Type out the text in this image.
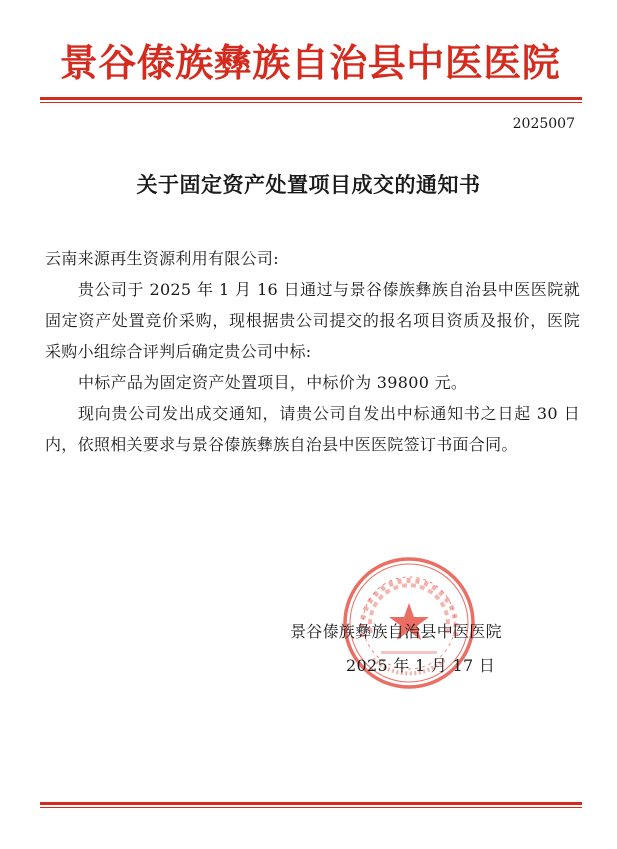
景谷傣族彝族自治县中医医院
2025007
关于固定资产处置项目成交的通知书

云南来源再生资源利用有限公司:

贵公司于 2025 年 1 月 16 日通过与景谷傣族彝族自治县中医医院就固定资产处置竞价采购，现根据贵公司提交的报名项目资质及报价，医院采购小组综合评判后确定贵公司中标:

中标产品为固定资产处置项目，中标价为 39800 元。

现向贵公司发出成交通知，请贵公司自发出中标通知书之日起 30 日内，依照相关要求与景谷傣族彝族自治县中医医院签订书面合同。

景谷傣族彝族自治县中医医院
2025 年 1 月 17 日
